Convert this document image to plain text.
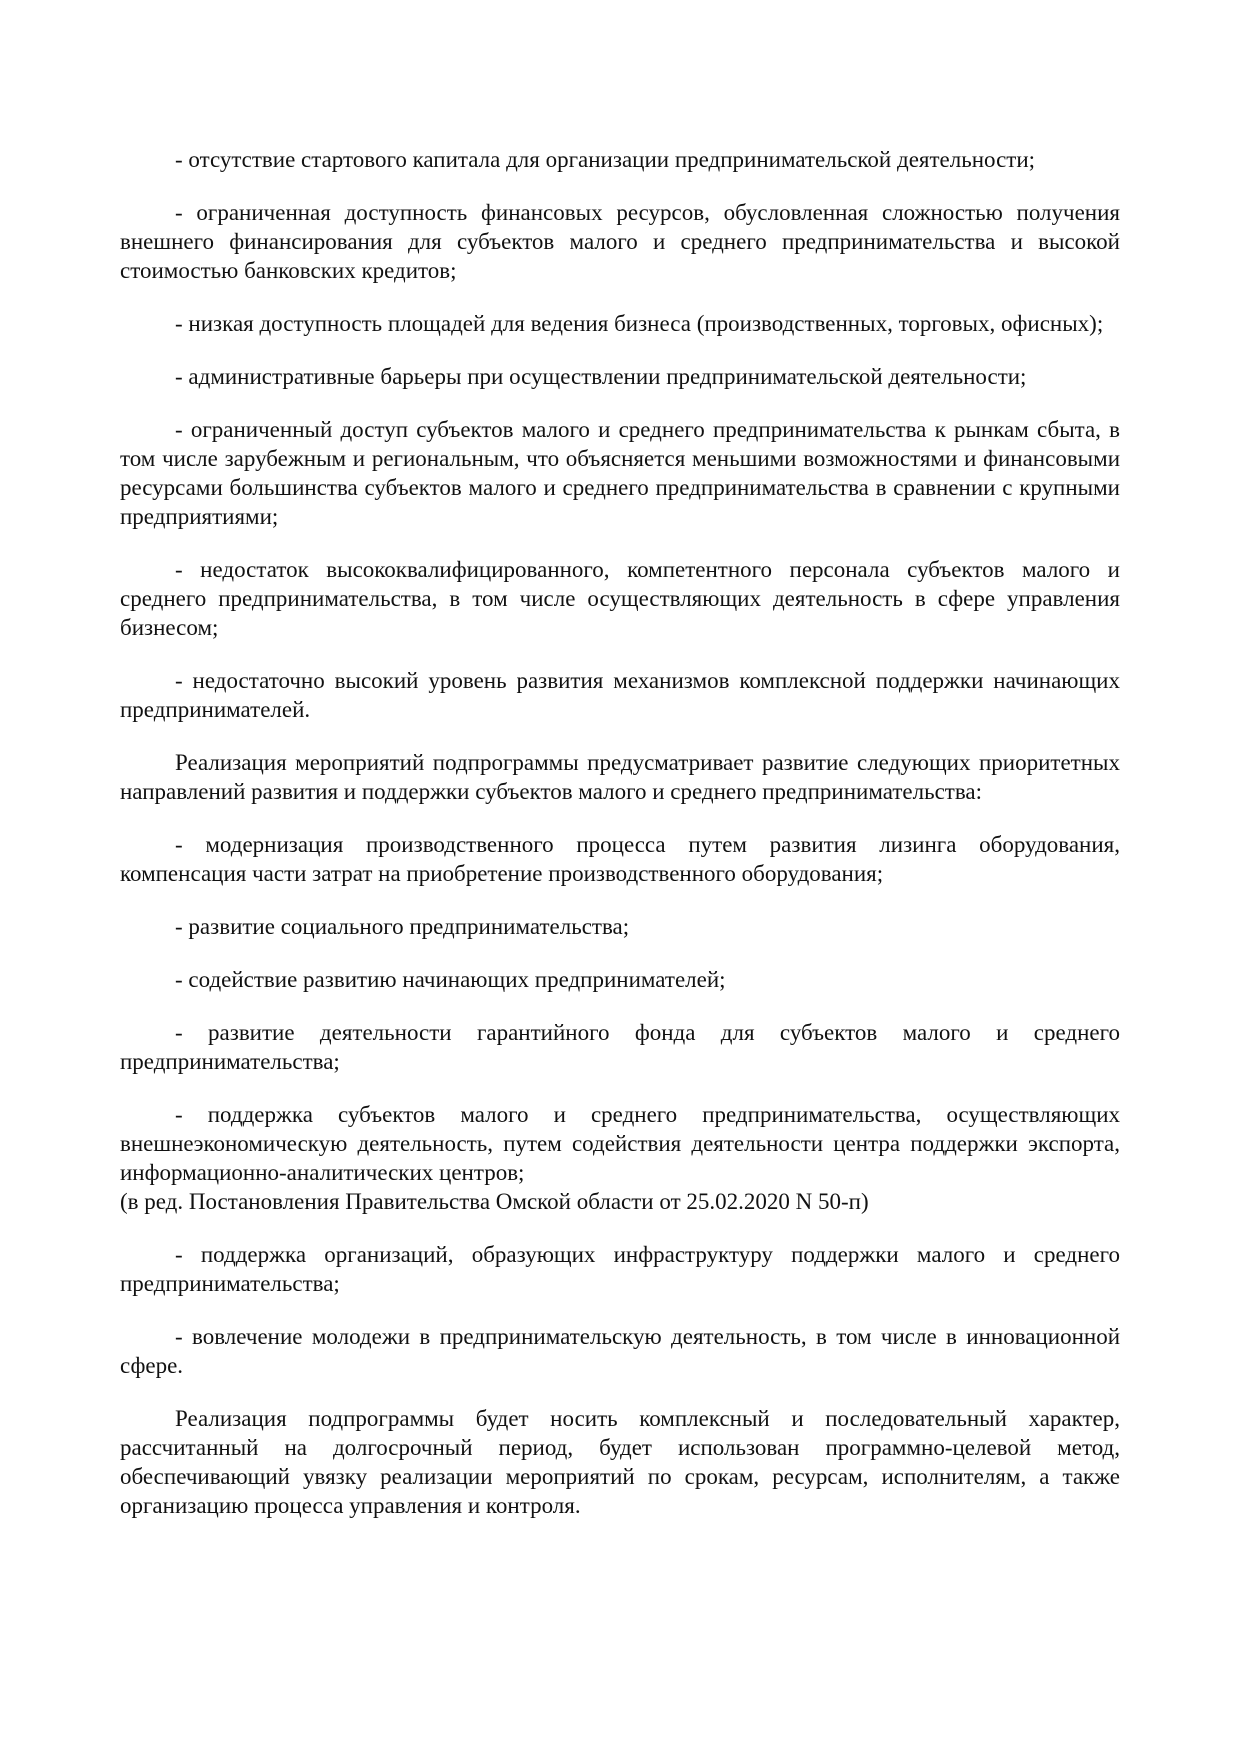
- отсутствие стартового капитала для организации предпринимательской деятельности;

- ограниченная доступность финансовых ресурсов, обусловленная сложностью получения внешнего финансирования для субъектов малого и среднего предпринимательства и высокой стоимостью банковских кредитов;

- низкая доступность площадей для ведения бизнеса (производственных, торговых, офисных);

- административные барьеры при осуществлении предпринимательской деятельности;

- ограниченный доступ субъектов малого и среднего предпринимательства к рынкам сбыта, в том числе зарубежным и региональным, что объясняется меньшими возможностями и финансовыми ресурсами большинства субъектов малого и среднего предпринимательства в сравнении с крупными предприятиями;

- недостаток высококвалифицированного, компетентного персонала субъектов малого и среднего предпринимательства, в том числе осуществляющих деятельность в сфере управления бизнесом;

- недостаточно высокий уровень развития механизмов комплексной поддержки начинающих предпринимателей.

Реализация мероприятий подпрограммы предусматривает развитие следующих приоритетных направлений развития и поддержки субъектов малого и среднего предпринимательства:

- модернизация производственного процесса путем развития лизинга оборудования, компенсация части затрат на приобретение производственного оборудования;

- развитие социального предпринимательства;

- содействие развитию начинающих предпринимателей;

- развитие деятельности гарантийного фонда для субъектов малого и среднего предпринимательства;

- поддержка субъектов малого и среднего предпринимательства, осуществляющих внешнеэкономическую деятельность, путем содействия деятельности центра поддержки экспорта, информационно-аналитических центров;

(в ред. Постановления Правительства Омской области от 25.02.2020 N 50-п)

- поддержка организаций, образующих инфраструктуру поддержки малого и среднего предпринимательства;

- вовлечение молодежи в предпринимательскую деятельность, в том числе в инновационной сфере.

Реализация подпрограммы будет носить комплексный и последовательный характер, рассчитанный на долгосрочный период, будет использован программно-целевой метод, обеспечивающий увязку реализации мероприятий по срокам, ресурсам, исполнителям, а также организацию процесса управления и контроля.
